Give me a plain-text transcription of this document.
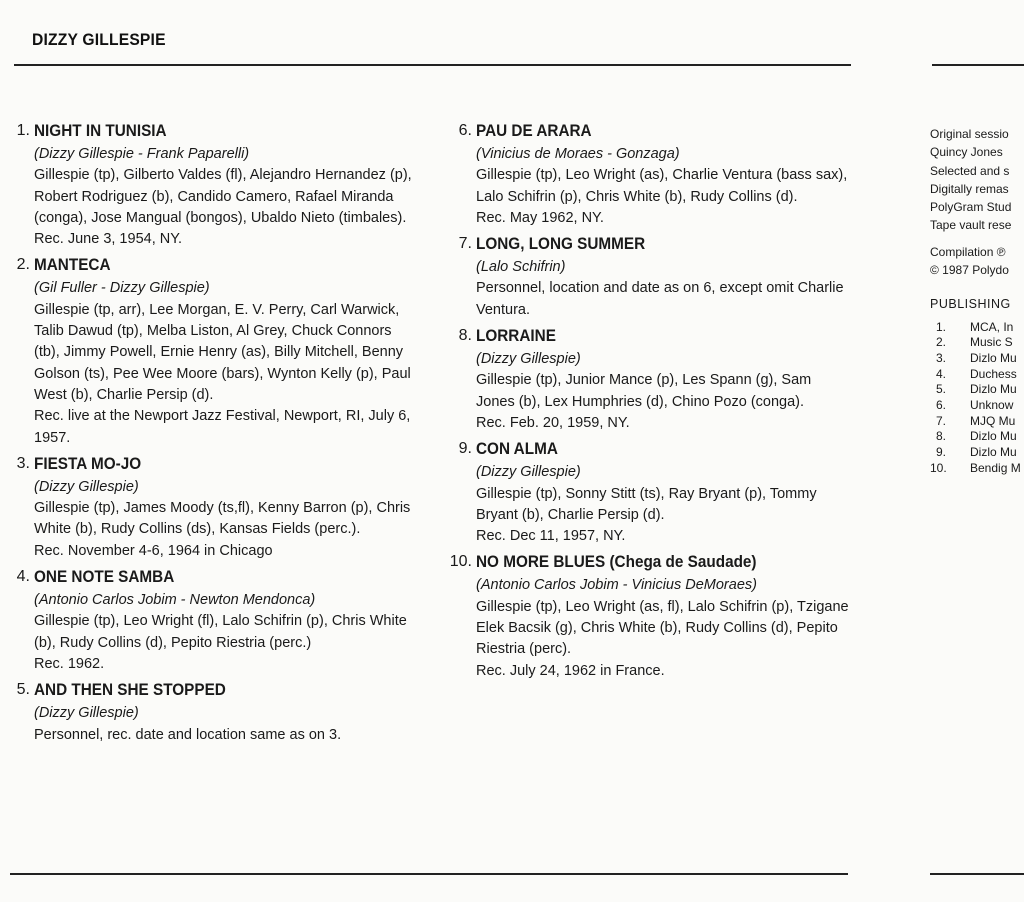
DIZZY GILLESPIE
1. NIGHT IN TUNISIA
(Dizzy Gillespie - Frank Paparelli)
Gillespie (tp), Gilberto Valdes (fl), Alejandro Hernandez (p), Robert Rodriguez (b), Candido Camero, Rafael Miranda (conga), Jose Mangual (bongos), Ubaldo Nieto (timbales).
Rec. June 3, 1954, NY.
2. MANTECA
(Gil Fuller - Dizzy Gillespie)
Gillespie (tp, arr), Lee Morgan, E. V. Perry, Carl Warwick, Talib Dawud (tp), Melba Liston, Al Grey, Chuck Connors (tb), Jimmy Powell, Ernie Henry (as), Billy Mitchell, Benny Golson (ts), Pee Wee Moore (bars), Wynton Kelly (p), Paul West (b), Charlie Persip (d).
Rec. live at the Newport Jazz Festival, Newport, RI, July 6, 1957.
3. FIESTA MO-JO
(Dizzy Gillespie)
Gillespie (tp), James Moody (ts,fl), Kenny Barron (p), Chris White (b), Rudy Collins (ds), Kansas Fields (perc.).
Rec. November 4-6, 1964 in Chicago
4. ONE NOTE SAMBA
(Antonio Carlos Jobim - Newton Mendonca)
Gillespie (tp), Leo Wright (fl), Lalo Schifrin (p), Chris White (b), Rudy Collins (d), Pepito Riestria (perc.)
Rec. 1962.
5. AND THEN SHE STOPPED
(Dizzy Gillespie)
Personnel, rec. date and location same as on 3.
6. PAU DE ARARA
(Vinicius de Moraes - Gonzaga)
Gillespie (tp), Leo Wright (as), Charlie Ventura (bass sax), Lalo Schifrin (p), Chris White (b), Rudy Collins (d).
Rec. May 1962, NY.
7. LONG, LONG SUMMER
(Lalo Schifrin)
Personnel, location and date as on 6, except omit Charlie Ventura.
8. LORRAINE
(Dizzy Gillespie)
Gillespie (tp), Junior Mance (p), Les Spann (g), Sam Jones (b), Lex Humphries (d), Chino Pozo (conga).
Rec. Feb. 20, 1959, NY.
9. CON ALMA
(Dizzy Gillespie)
Gillespie (tp), Sonny Stitt (ts), Ray Bryant (p), Tommy Bryant (b), Charlie Persip (d).
Rec. Dec 11, 1957, NY.
10. NO MORE BLUES (Chega de Saudade)
(Antonio Carlos Jobim - Vinicius DeMoraes)
Gillespie (tp), Leo Wright (as, fl), Lalo Schifrin (p), Tzigane Elek Bacsik (g), Chris White (b), Rudy Collins (d), Pepito Riestria (perc).
Rec. July 24, 1962 in France.
Original sessio
Quincy Jones
Selected and s
Digitally remas
PolyGram Stud
Tape vault rese
Compilation ℗
© 1987 Polydo
PUBLISHING
1. MCA, In
2. Music S
3. Dizlo Mu
4. Duchess
5. Dizlo Mu
6. Unknow
7. MJQ Mu
8. Dizlo Mu
9. Dizlo Mu
10. Bendig M
